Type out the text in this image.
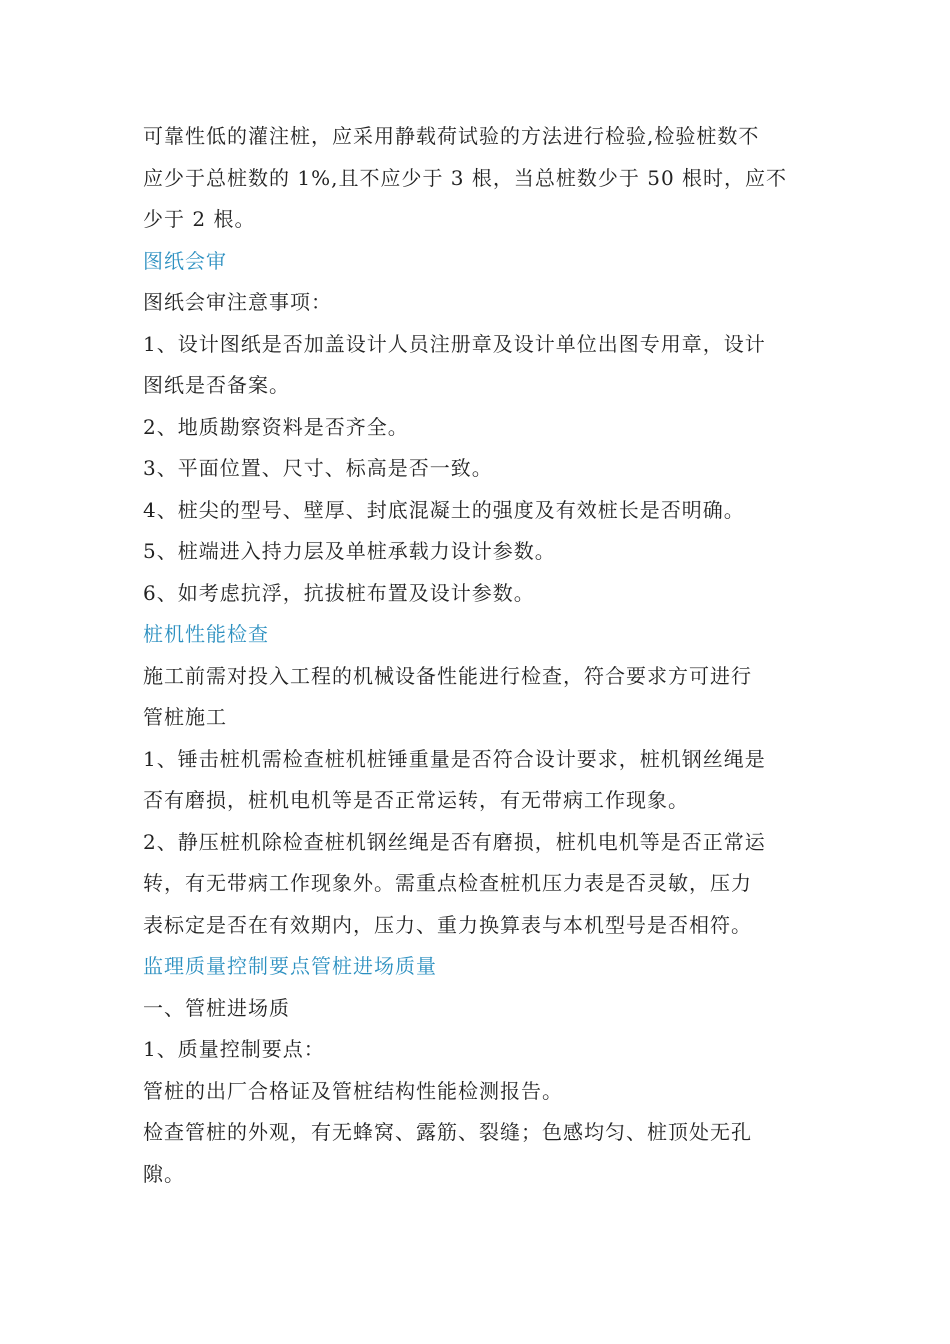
可靠性低的灌注桩，应采用静载荷试验的方法进行检验,检验桩数不
应少于总桩数的 1%,且不应少于 3 根，当总桩数少于 50 根时，应不
少于 2 根。
图纸会审
图纸会审注意事项：
1、设计图纸是否加盖设计人员注册章及设计单位出图专用章，设计
图纸是否备案。
2、地质勘察资料是否齐全。
3、平面位置、尺寸、标高是否一致。
4、桩尖的型号、壁厚、封底混凝土的强度及有效桩长是否明确。
5、桩端进入持力层及单桩承载力设计参数。
6、如考虑抗浮，抗拔桩布置及设计参数。
桩机性能检查
施工前需对投入工程的机械设备性能进行检查，符合要求方可进行
管桩施工
1、锤击桩机需检查桩机桩锤重量是否符合设计要求，桩机钢丝绳是
否有磨损，桩机电机等是否正常运转，有无带病工作现象。
2、静压桩机除检查桩机钢丝绳是否有磨损，桩机电机等是否正常运
转，有无带病工作现象外。需重点检查桩机压力表是否灵敏，压力
表标定是否在有效期内，压力、重力换算表与本机型号是否相符。
监理质量控制要点管桩进场质量
一、管桩进场质
1、质量控制要点：
管桩的出厂合格证及管桩结构性能检测报告。
检查管桩的外观，有无蜂窝、露筋、裂缝；色感均匀、桩顶处无孔
隙。
